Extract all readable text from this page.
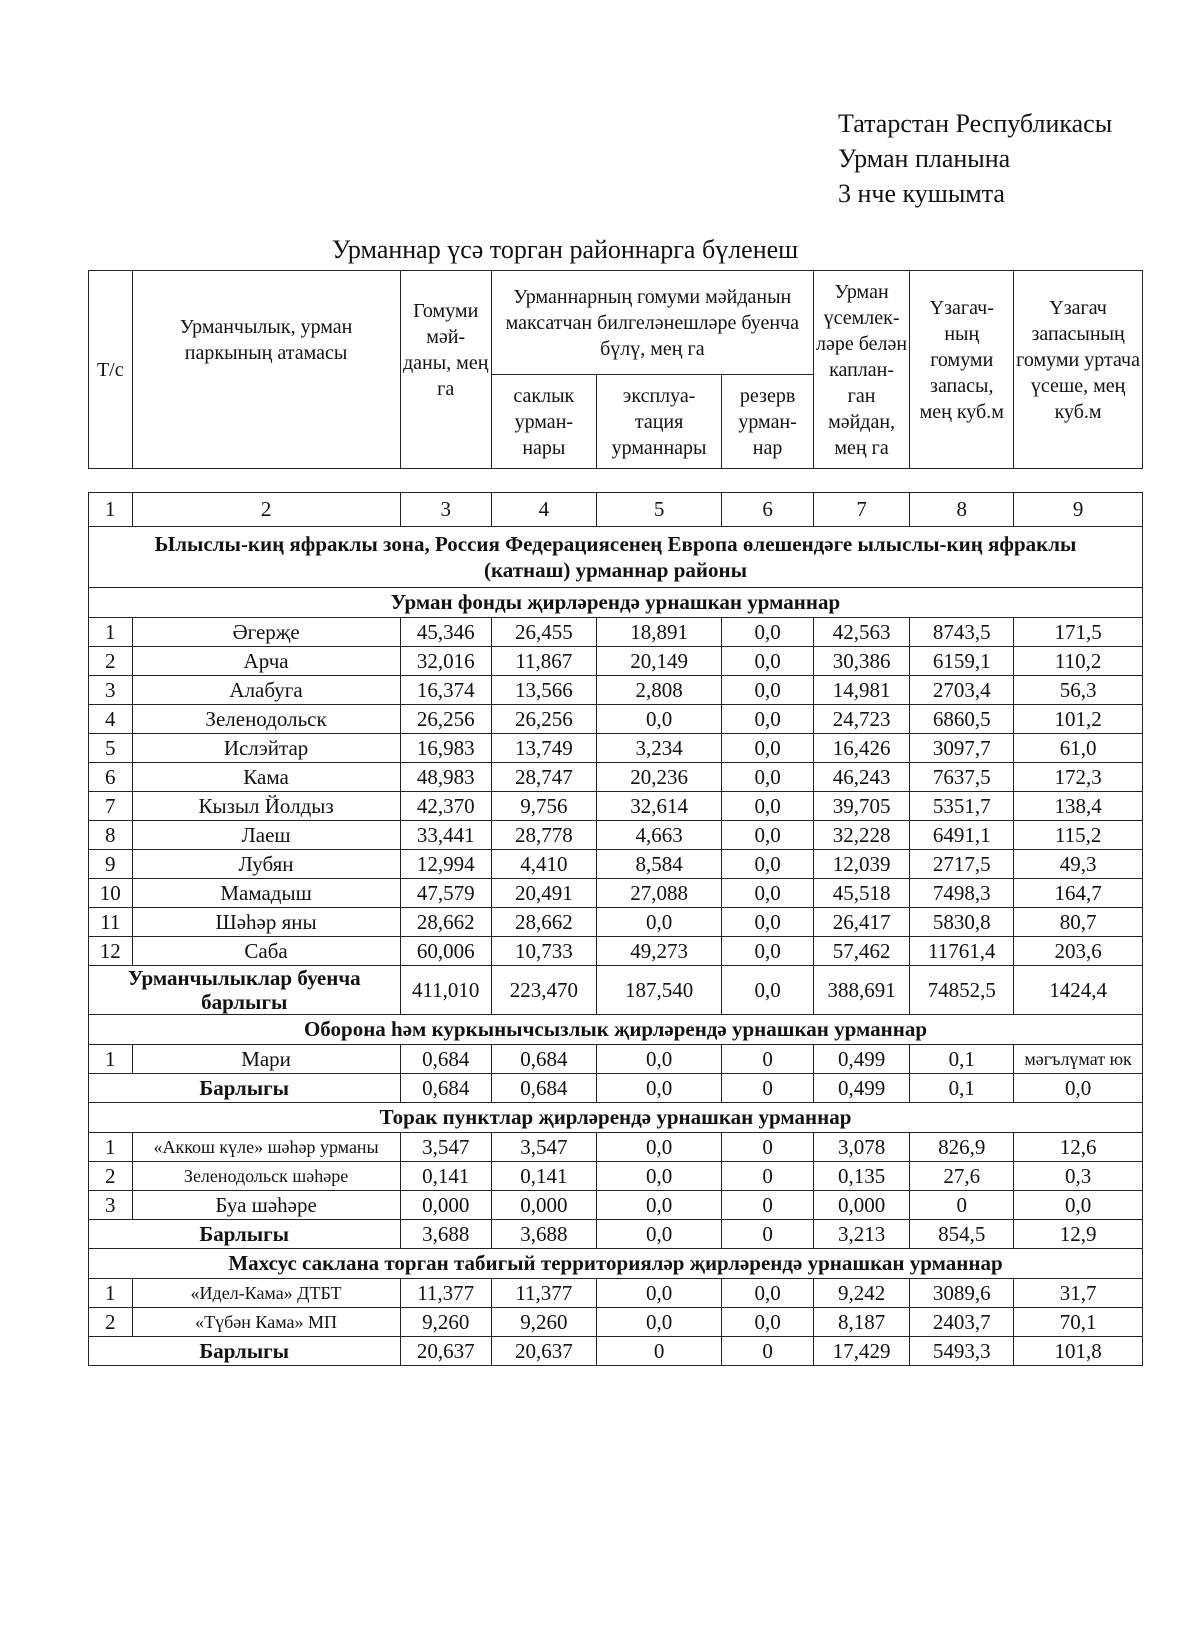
Татарстан Республикасы
Урман планына
3 нче кушымта
Урманнар үсә торган районнарга бүленеш
Т/с	Урманчылык, урман паркының атамасы	Гомуми мәй-даны, мең га	Урманнарның гомуми мәйданын максатчан билгеләнешләре буенча бүлү, мең га			Урман үсемлек-ләре белән каплан-ган мәйдан, мең га	Үзагач-ның гомуми запасы, мең куб.м	Үзагач запасының гомуми уртача үсеше, мең куб.м
			саклык урман-нары	эксплуа-тация урманнары	резерв урман-нар			
1	2	3	4	5	6	7	8	9
Ылыслы-киң яфраклы зона, Россия Федерациясенең Европа өлешендәге ылыслы-киң яфраклы (катнаш) урманнар районы								
Урман фонды җирләрендә урнашкан урманнар								
1	Әгерҗе	45,346	26,455	18,891	0,0	42,563	8743,5	171,5
2	Арча	32,016	11,867	20,149	0,0	30,386	6159,1	110,2
3	Алабуга	16,374	13,566	2,808	0,0	14,981	2703,4	56,3
4	Зеленодольск	26,256	26,256	0,0	0,0	24,723	6860,5	101,2
5	Ислэйтар	16,983	13,749	3,234	0,0	16,426	3097,7	61,0
6	Кама	48,983	28,747	20,236	0,0	46,243	7637,5	172,3
7	Кызыл Йолдыз	42,370	9,756	32,614	0,0	39,705	5351,7	138,4
8	Лаеш	33,441	28,778	4,663	0,0	32,228	6491,1	115,2
9	Лубян	12,994	4,410	8,584	0,0	12,039	2717,5	49,3
10	Мамадыш	47,579	20,491	27,088	0,0	45,518	7498,3	164,7
11	Шәһәр яны	28,662	28,662	0,0	0,0	26,417	5830,8	80,7
12	Саба	60,006	10,733	49,273	0,0	57,462	11761,4	203,6
Урманчылыклар буенча барлыгы		411,010	223,470	187,540	0,0	388,691	74852,5	1424,4
Оборона һәм куркынычсызлык җирләрендә урнашкан урманнар								
1	Мари	0,684	0,684	0,0	0	0,499	0,1	мәгълүмат юк
Барлыгы		0,684	0,684	0,0	0	0,499	0,1	0,0
Торак пунктлар җирләрендә урнашкан урманнар								
1	«Аккош күле» шәһәр урманы	3,547	3,547	0,0	0	3,078	826,9	12,6
2	Зеленодольск шәһәре	0,141	0,141	0,0	0	0,135	27,6	0,3
3	Буа шәһәре	0,000	0,000	0,0	0	0,000	0	0,0
Барлыгы		3,688	3,688	0,0	0	3,213	854,5	12,9
Махсус саклана торган табигый территорияләр җирләрендә урнашкан урманнар								
1	«Идел-Кама» ДТБТ	11,377	11,377	0,0	0,0	9,242	3089,6	31,7
2	«Түбән Кама» МП	9,260	9,260	0,0	0,0	8,187	2403,7	70,1
Барлыгы		20,637	20,637	0	0	17,429	5493,3	101,8
